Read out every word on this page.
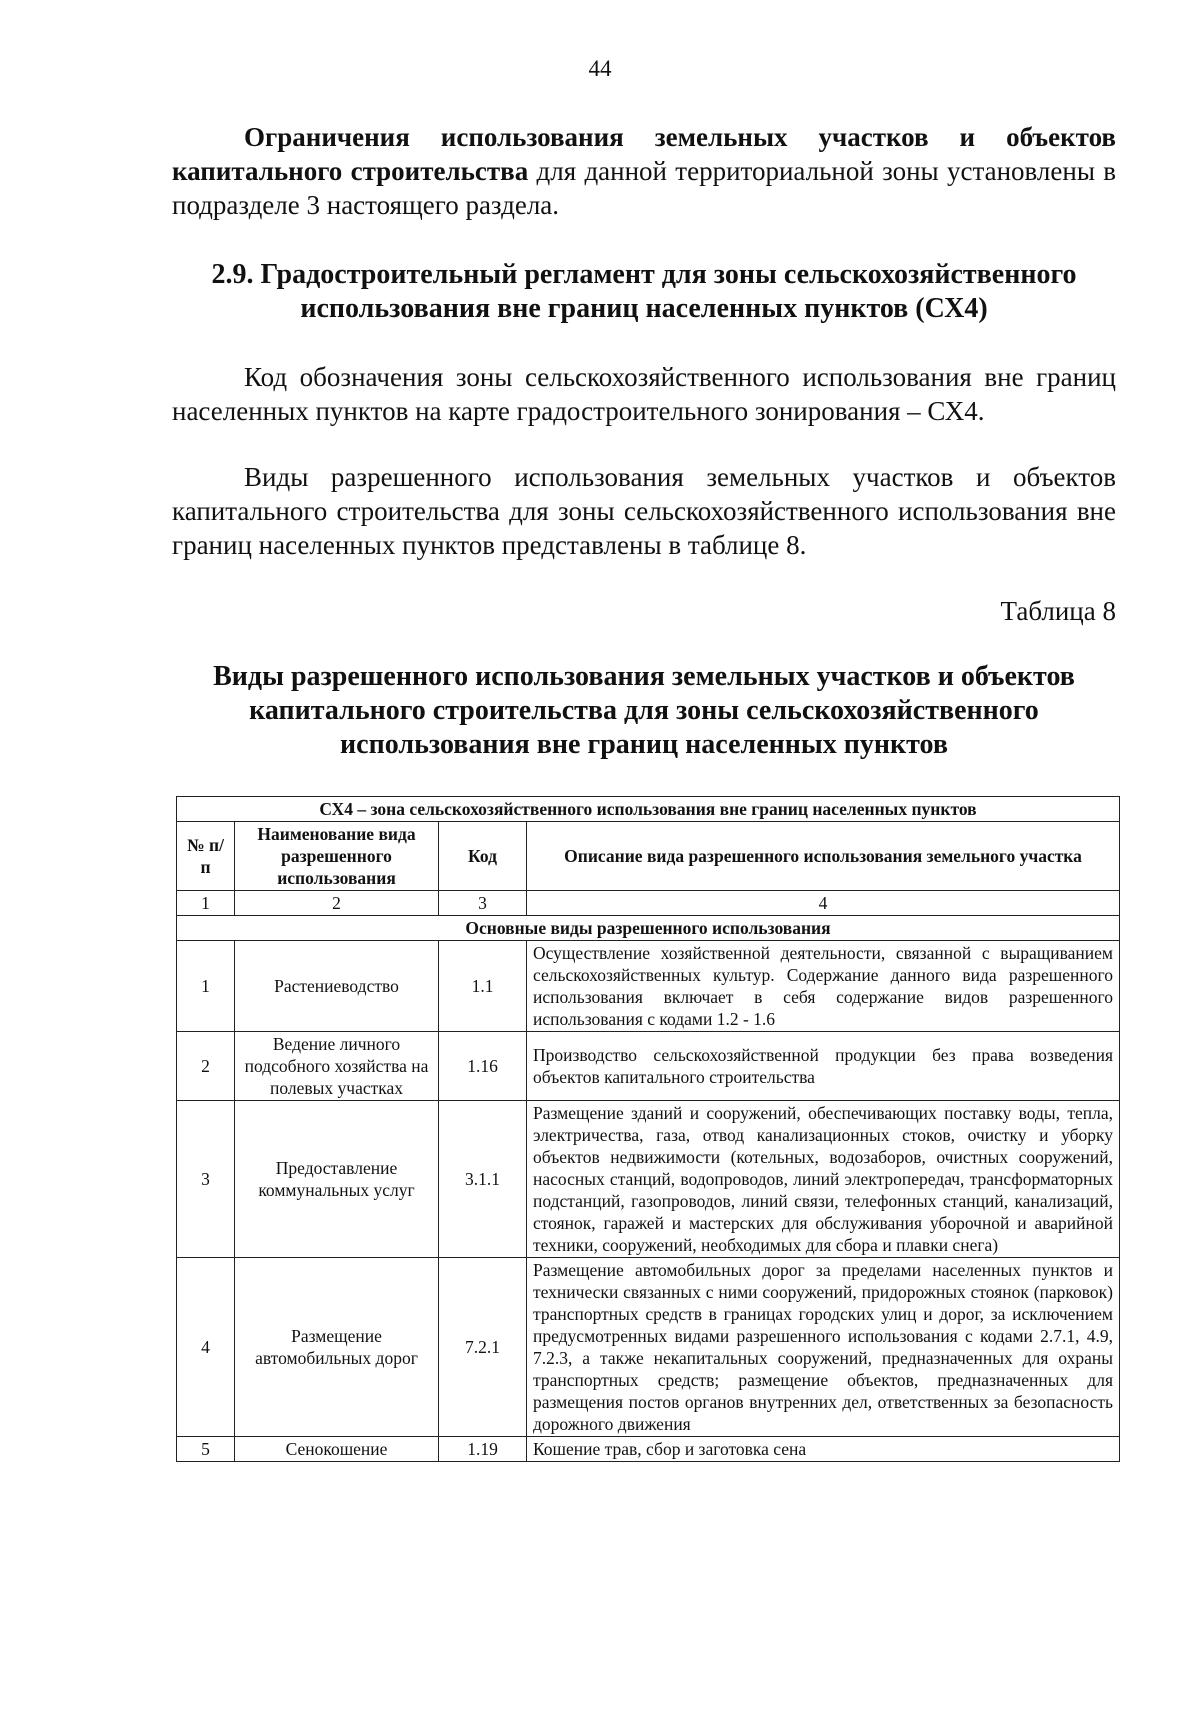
44
Ограничения использования земельных участков и объектов капитального строительства для данной территориальной зоны установлены в подразделе 3 настоящего раздела.
2.9. Градостроительный регламент для зоны сельскохозяйственного использования вне границ населенных пунктов (СХ4)
Код обозначения зоны сельскохозяйственного использования вне границ населенных пунктов на карте градостроительного зонирования – СХ4.
Виды разрешенного использования земельных участков и объектов капитального строительства для зоны сельскохозяйственного использования вне границ населенных пунктов представлены в таблице 8.
Таблица 8
Виды разрешенного использования земельных участков и объектов капитального строительства для зоны сельскохозяйственного использования вне границ населенных пунктов
СХ4 – зона сельскохозяйственного использования вне границ населенных пунктов			
№ п/п	Наименование вида разрешенного использования	Код	Описание вида разрешенного использования земельного участка
1	2	3	4
Основные виды разрешенного использования			
1	Растениеводство	1.1	Осуществление хозяйственной деятельности, связанной с выращиванием сельскохозяйственных культур. Содержание данного вида разрешенного использования включает в себя содержание видов разрешенного использования с кодами 1.2 - 1.6
2	Ведение личного подсобного хозяйства на полевых участках	1.16	Производство сельскохозяйственной продукции без права возведения объектов капитального строительства
3	Предоставление коммунальных услуг	3.1.1	Размещение зданий и сооружений, обеспечивающих поставку воды, тепла, электричества, газа, отвод канализационных стоков, очистку и уборку объектов недвижимости (котельных, водозаборов, очистных сооружений, насосных станций, водопроводов, линий электропередач, трансформаторных подстанций, газопроводов, линий связи, телефонных станций, канализаций, стоянок, гаражей и мастерских для обслуживания уборочной и аварийной техники, сооружений, необходимых для сбора и плавки снега)
4	Размещение автомобильных дорог	7.2.1	Размещение автомобильных дорог за пределами населенных пунктов и технически связанных с ними сооружений, придорожных стоянок (парковок) транспортных средств в границах городских улиц и дорог, за исключением предусмотренных видами разрешенного использования с кодами 2.7.1, 4.9, 7.2.3, а также некапитальных сооружений, предназначенных для охраны транспортных средств; размещение объектов, предназначенных для размещения постов органов внутренних дел, ответственных за безопасность дорожного движения
5	Сенокошение	1.19	Кошение трав, сбор и заготовка сена
